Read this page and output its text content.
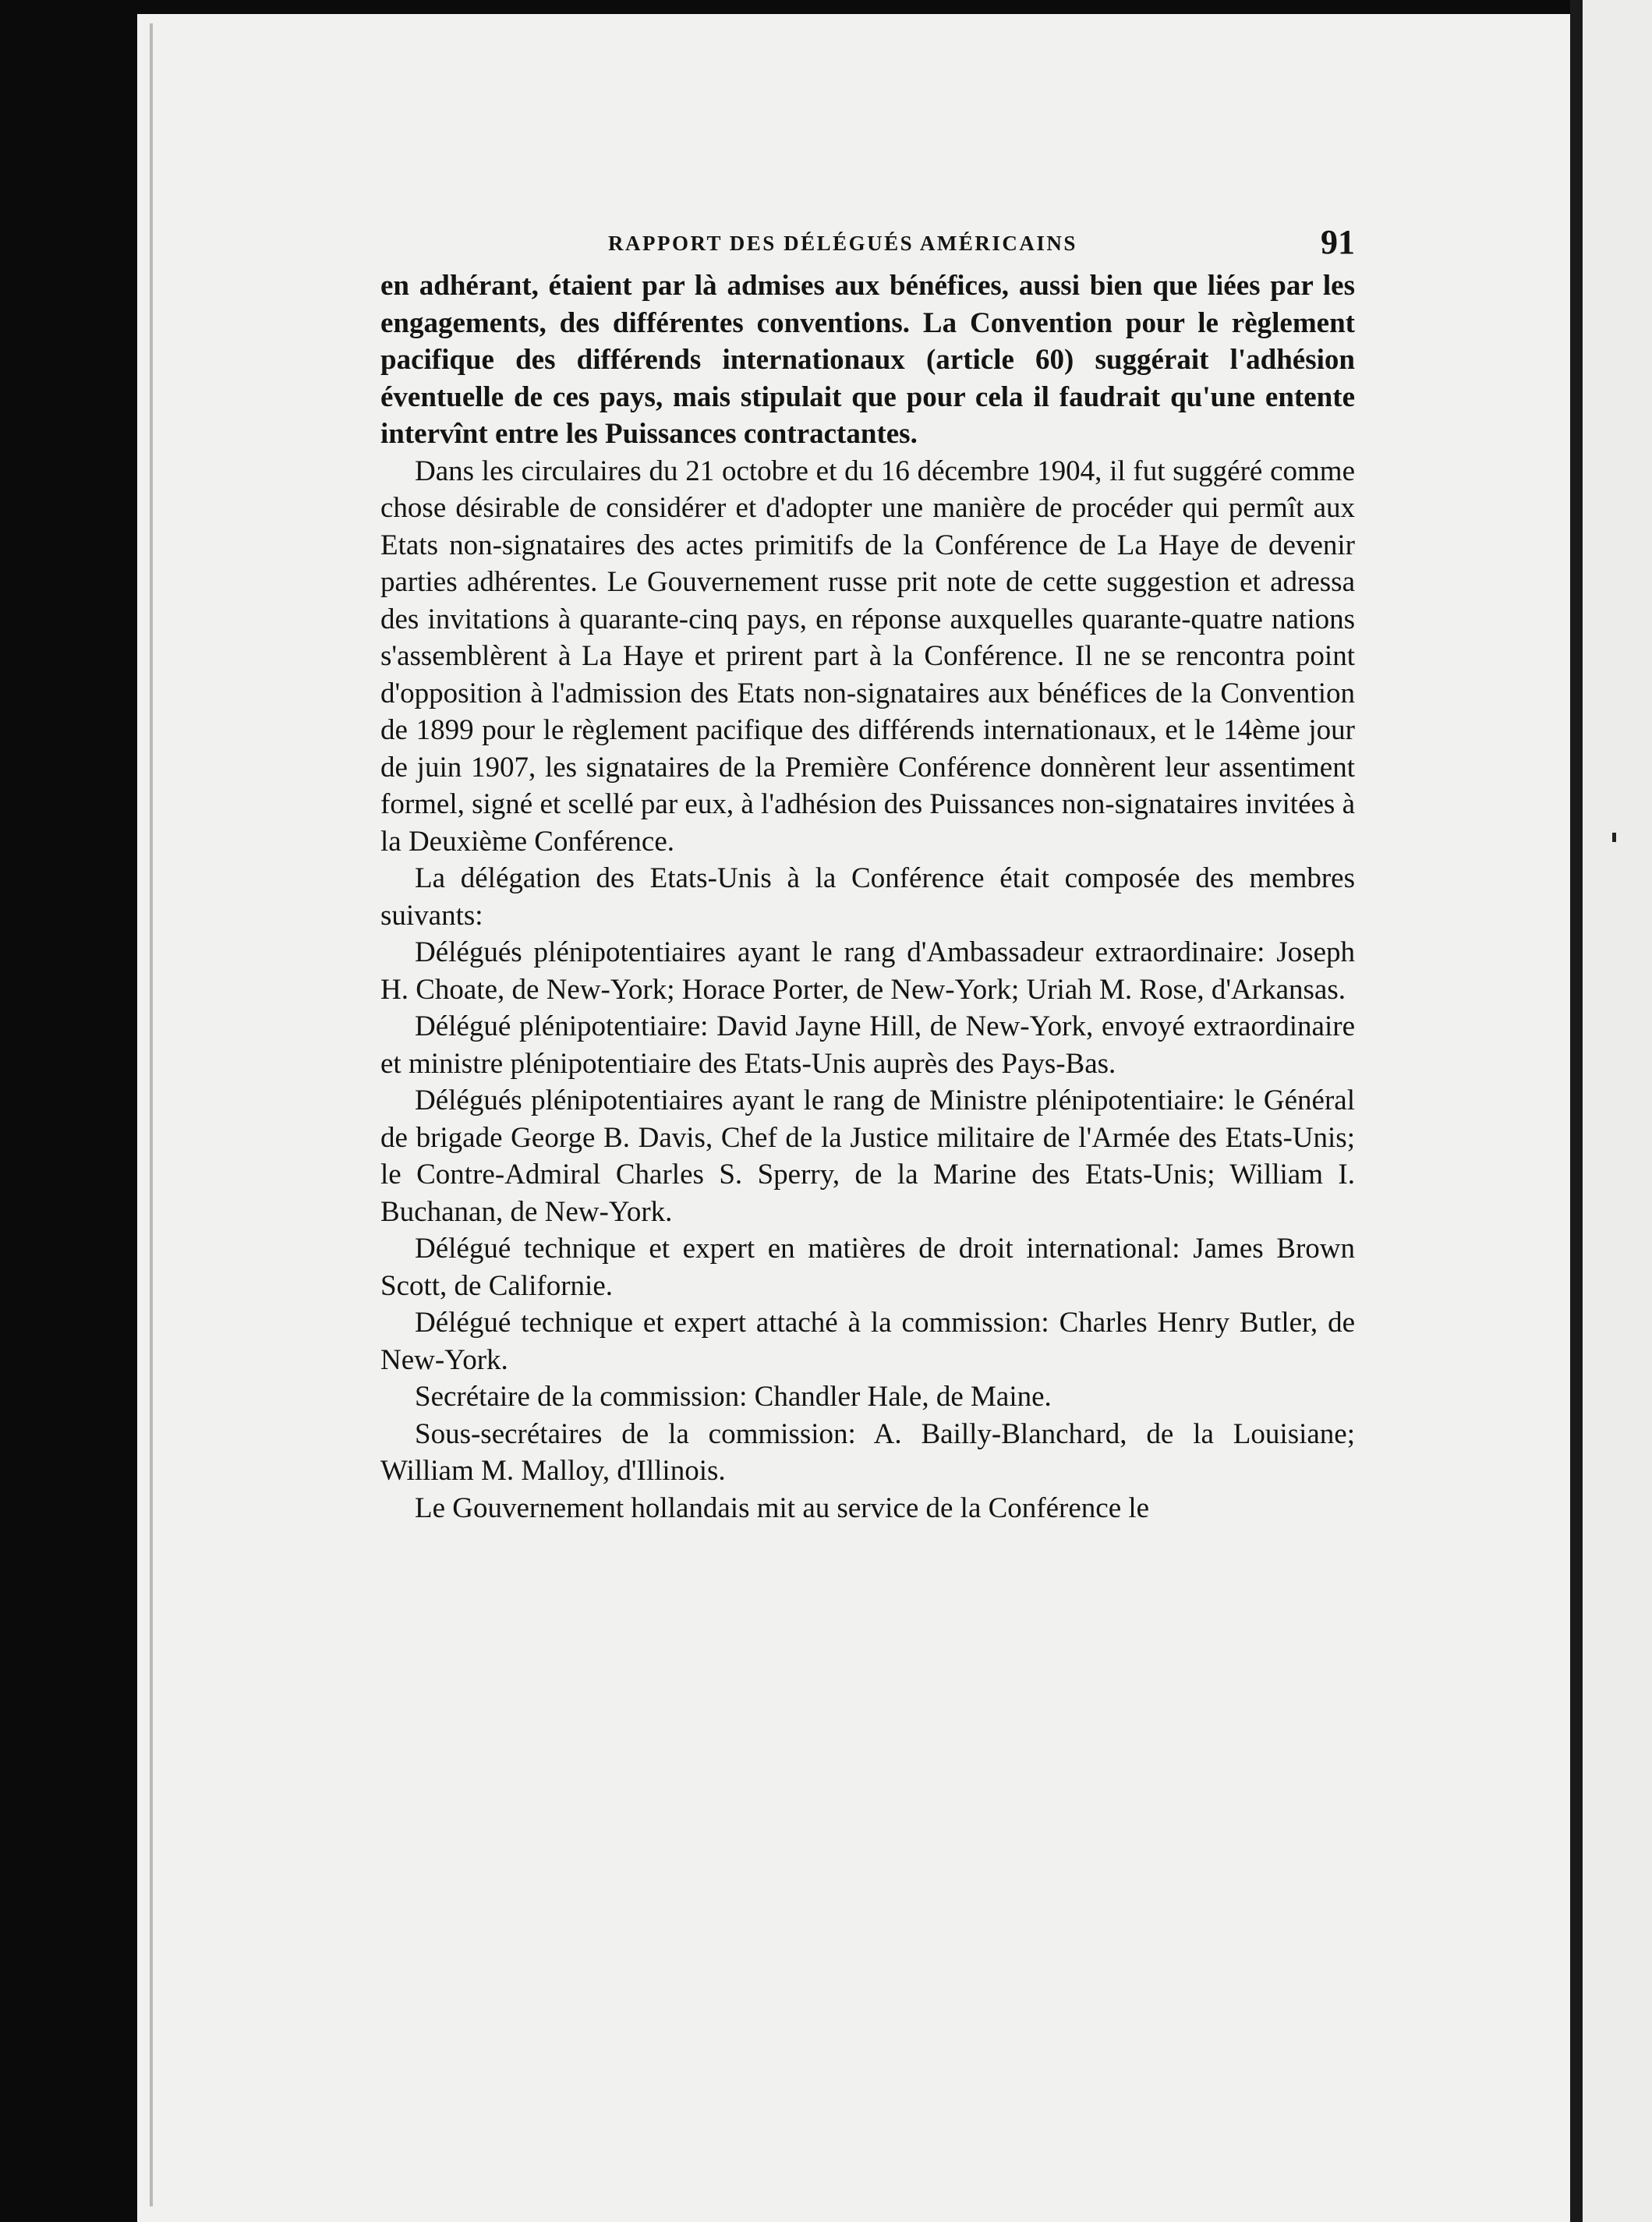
RAPPORT DES DÉLÉGUÉS AMÉRICAINS	91

en adhérant, étaient par là admises aux bénéfices, aussi bien que liées par les engagements, des différentes conventions. La Convention pour le règlement pacifique des différends internationaux (article 60) suggérait l'adhésion éventuelle de ces pays, mais stipulait que pour cela il faudrait qu'une entente intervînt entre les Puissances contractantes.

Dans les circulaires du 21 octobre et du 16 décembre 1904, il fut suggéré comme chose désirable de considérer et d'adopter une manière de procéder qui permît aux Etats non-signataires des actes primitifs de la Conférence de La Haye de devenir parties adhérentes. Le Gouvernement russe prit note de cette suggestion et adressa des invitations à quarante-cinq pays, en réponse auxquelles quarante-quatre nations s'assemblèrent à La Haye et prirent part à la Conférence. Il ne se rencontra point d'opposition à l'admission des Etats non-signataires aux bénéfices de la Convention de 1899 pour le règlement pacifique des différends internationaux, et le 14ème jour de juin 1907, les signataires de la Première Conférence donnèrent leur assentiment formel, signé et scellé par eux, à l'adhésion des Puissances non-signataires invitées à la Deuxième Conférence.

La délégation des Etats-Unis à la Conférence était composée des membres suivants:

Délégués plénipotentiaires ayant le rang d'Ambassadeur extraordinaire: Joseph H. Choate, de New-York; Horace Porter, de New-York; Uriah M. Rose, d'Arkansas.

Délégué plénipotentiaire: David Jayne Hill, de New-York, envoyé extraordinaire et ministre plénipotentiaire des Etats-Unis auprès des Pays-Bas.

Délégués plénipotentiaires ayant le rang de Ministre plénipotentiaire: le Général de brigade George B. Davis, Chef de la Justice militaire de l'Armée des Etats-Unis; le Contre-Admiral Charles S. Sperry, de la Marine des Etats-Unis; William I. Buchanan, de New-York.

Délégué technique et expert en matières de droit international: James Brown Scott, de Californie.

Délégué technique et expert attaché à la commission: Charles Henry Butler, de New-York.

Secrétaire de la commission: Chandler Hale, de Maine.

Sous-secrétaires de la commission: A. Bailly-Blanchard, de la Louisiane; William M. Malloy, d'Illinois.

Le Gouvernement hollandais mit au service de la Conférence le
